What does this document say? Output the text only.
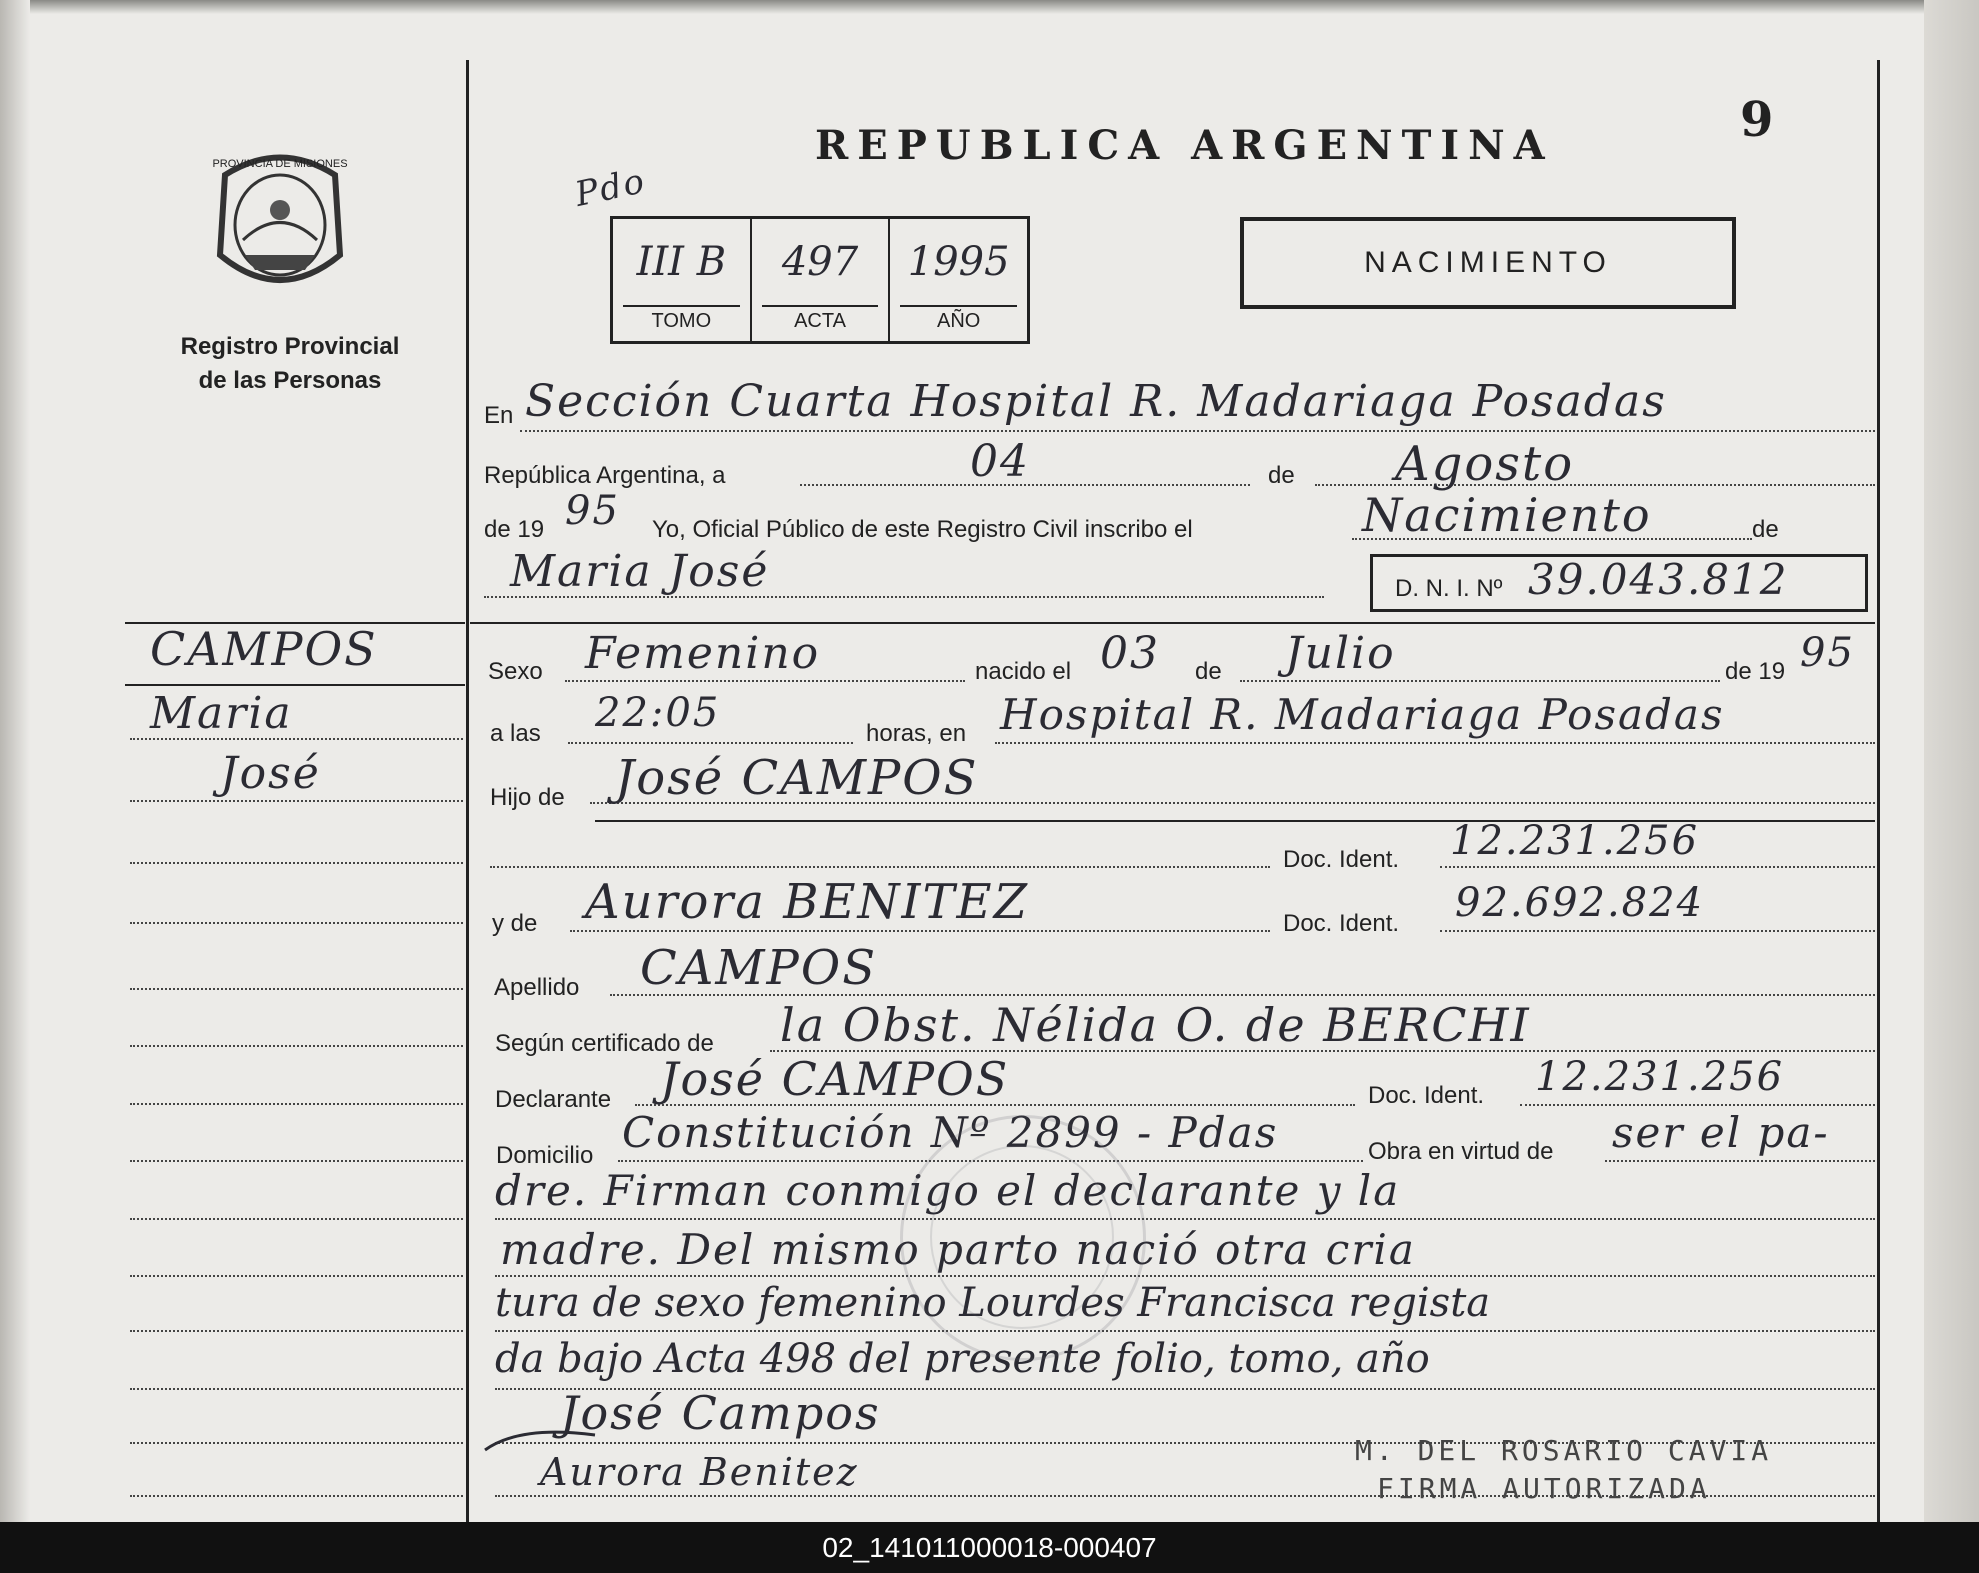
PROVINCIA DE MISIONES
Registro Provincial
de las Personas
REPUBLICA ARGENTINA	9
Pdo
III B
TOMO
497
ACTA
1995
AÑO
NACIMIENTO
CAMPOS
Maria
José
En Sección Cuarta Hospital R. Madariaga Posadas
República Argentina, a	04	de Agosto
de 19 95 Yo, Oficial Público de este Registro Civil inscribo el	Nacimiento	de
Maria José	D. N. I. Nº 39.043.812
Sexo Femenino	nacido el 03 de Julio	de 19 95
a las 22:05	horas, en Hospital R. Madariaga Posadas
Hijo de José CAMPOS
Doc. Ident. 12.231.256
y de Aurora BENITEZ	Doc. Ident. 92.692.824
Apellido CAMPOS
Según certificado de la Obst. Nélida O. de BERCHI
Declarante José CAMPOS	Doc. Ident. 12.231.256
Domicilio Constitución Nº 2899 - Pdas	Obra en virtud de ser el pa-
dre. Firman conmigo el declarante y la
madre. Del mismo parto nació otra cria
tura de sexo femenino Lourdes Francisca regista
da bajo Acta 498 del presente folio, tomo, año
José Campos
Aurora Benitez	M. DEL ROSARIO CAVIA
FIRMA AUTORIZADA
02_141011000018-000407
